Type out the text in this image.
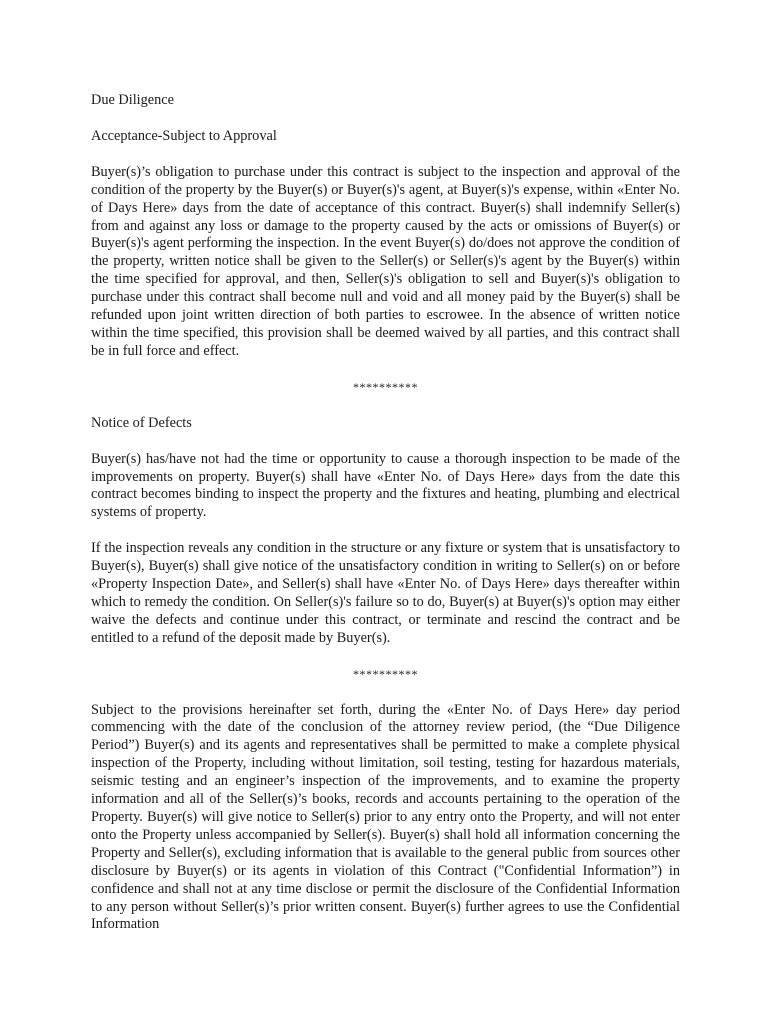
Due Diligence

Acceptance-Subject to Approval

Buyer(s)’s obligation to purchase under this contract is subject to the inspection and approval of the condition of the property by the Buyer(s) or Buyer(s)'s agent, at Buyer(s)'s expense, within «Enter No. of Days Here» days from the date of acceptance of this contract. Buyer(s) shall indemnify Seller(s) from and against any loss or damage to the property caused by the acts or omissions of Buyer(s) or Buyer(s)'s agent performing the inspection. In the event Buyer(s) do/does not approve the condition of the property, written notice shall be given to the Seller(s) or Seller(s)'s agent by the Buyer(s) within the time specified for approval, and then, Seller(s)'s obligation to sell and Buyer(s)'s obligation to purchase under this contract shall become null and void and all money paid by the Buyer(s) shall be refunded upon joint written direction of both parties to escrowee. In the absence of written notice within the time specified, this provision shall be deemed waived by all parties, and this contract shall be in full force and effect.

**********

Notice of Defects

Buyer(s) has/have not had the time or opportunity to cause a thorough inspection to be made of the improvements on property. Buyer(s) shall have «Enter No. of Days Here» days from the date this contract becomes binding to inspect the property and the fixtures and heating, plumbing and electrical systems of property.

If the inspection reveals any condition in the structure or any fixture or system that is unsatisfactory to Buyer(s), Buyer(s) shall give notice of the unsatisfactory condition in writing to Seller(s) on or before «Property Inspection Date», and Seller(s) shall have «Enter No. of Days Here» days thereafter within which to remedy the condition. On Seller(s)'s failure so to do, Buyer(s) at Buyer(s)'s option may either waive the defects and continue under this contract, or terminate and rescind the contract and be entitled to a refund of the deposit made by Buyer(s).

**********

Subject to the provisions hereinafter set forth, during the «Enter No. of Days Here» day period commencing with the date of the conclusion of the attorney review period, (the “Due Diligence Period”) Buyer(s) and its agents and representatives shall be permitted to make a complete physical inspection of the Property, including without limitation, soil testing, testing for hazardous materials, seismic testing and an engineer’s inspection of the improvements, and to examine the property information and all of the Seller(s)’s books, records and accounts pertaining to the operation of the Property. Buyer(s) will give notice to Seller(s) prior to any entry onto the Property, and will not enter onto the Property unless accompanied by Seller(s). Buyer(s) shall hold all information concerning the Property and Seller(s), excluding information that is available to the general public from sources other disclosure by Buyer(s) or its agents in violation of this Contract ("Confidential Information”) in confidence and shall not at any time disclose or permit the disclosure of the Confidential Information to any person without Seller(s)’s prior written consent. Buyer(s) further agrees to use the Confidential Information
